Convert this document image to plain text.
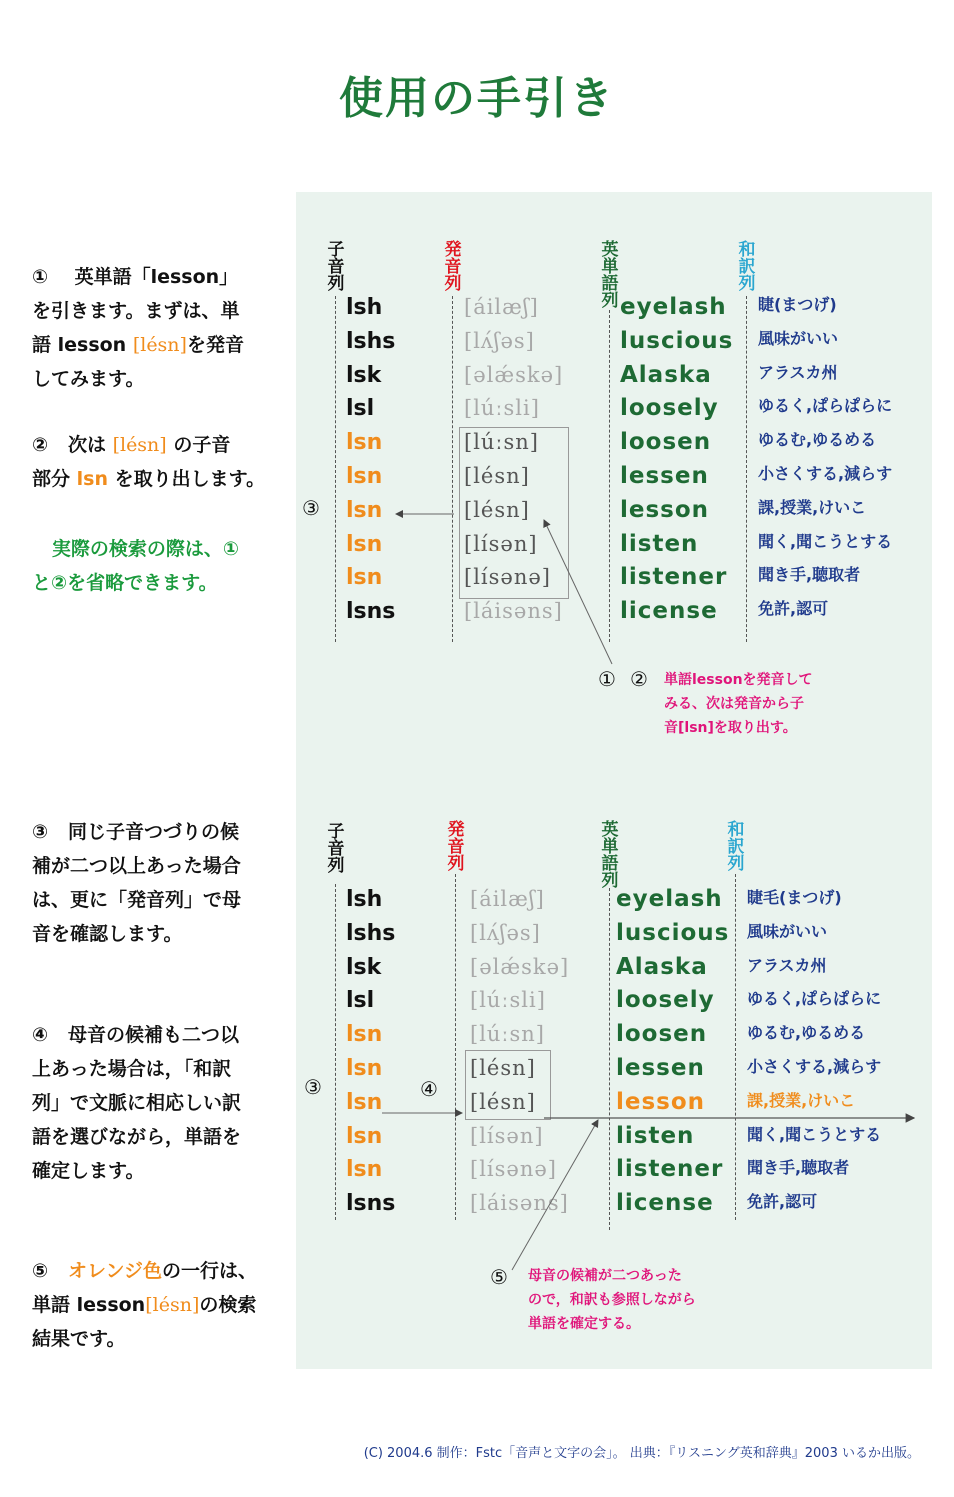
使用の手引き
① 英単語「lesson」
を引きます。まずは、単
語 lesson [lésn]を発音
してみます。
② 次は [lésn] の子音
部分 lsn を取り出します。
実際の検索の際は、①
と②を省略できます。
③ 同じ子音つづりの候
補が二つ以上あった場合
は、更に「発音列」で母
音を確認します。
④ 母音の候補も二つ以
上あった場合は，「和訳
列」で文脈に相応しい訳
語を選びながら，単語を
確定します。
⑤ オレンジ色の一行は、
単語 lesson[lésn]の検索
結果です。
子音列
発音列
英単語列
和訳列
lsh
lshs
lsk
lsl
lsn
lsn
lsn
lsn
lsn
lsns
[áilæʃ]
[lʌ́ʃəs]
[əlǽskə]
[lúːsli]
[lúːsn]
[lésn]
[lésn]
[lísən]
[lísənə]
[láisəns]
eyelash
luscious
Alaska
loosely
loosen
lessen
lesson
listen
listener
license
睫(まつげ)
風味がいい
アラスカ州
ゆるく,ぱらぱらに
ゆるむ,ゆるめる
小さくする,減らす
課,授業,けいこ
聞く,聞こうとする
聞き手,聴取者
免許,認可
③
① ② 単語lessonを発音して
みる、次は発音から子
音[lsn]を取り出す。
子音列
発音列
英単語列
和訳列
lsh
lshs
lsk
lsl
lsn
lsn
lsn
lsn
lsn
lsns
[áilæʃ]
[lʌ́ʃəs]
[əlǽskə]
[lúːsli]
[lúːsn]
[lésn]
[lésn]
[lísən]
[lísənə]
[láisəns]
eyelash
luscious
Alaska
loosely
loosen
lessen
lesson
listen
listener
license
睫毛(まつげ)
風味がいい
アラスカ州
ゆるく,ぱらぱらに
ゆるむ,ゆるめる
小さくする,減らす
課,授業,けいこ
聞く,聞こうとする
聞き手,聴取者
免許,認可
③	④
⑤ 母音の候補が二つあった
ので，和訳も参照しながら
単語を確定する。
(C) 2004.6 制作：Fstc「音声と文字の会」。 出典：『リスニング英和辞典』2003 いるか出版。
